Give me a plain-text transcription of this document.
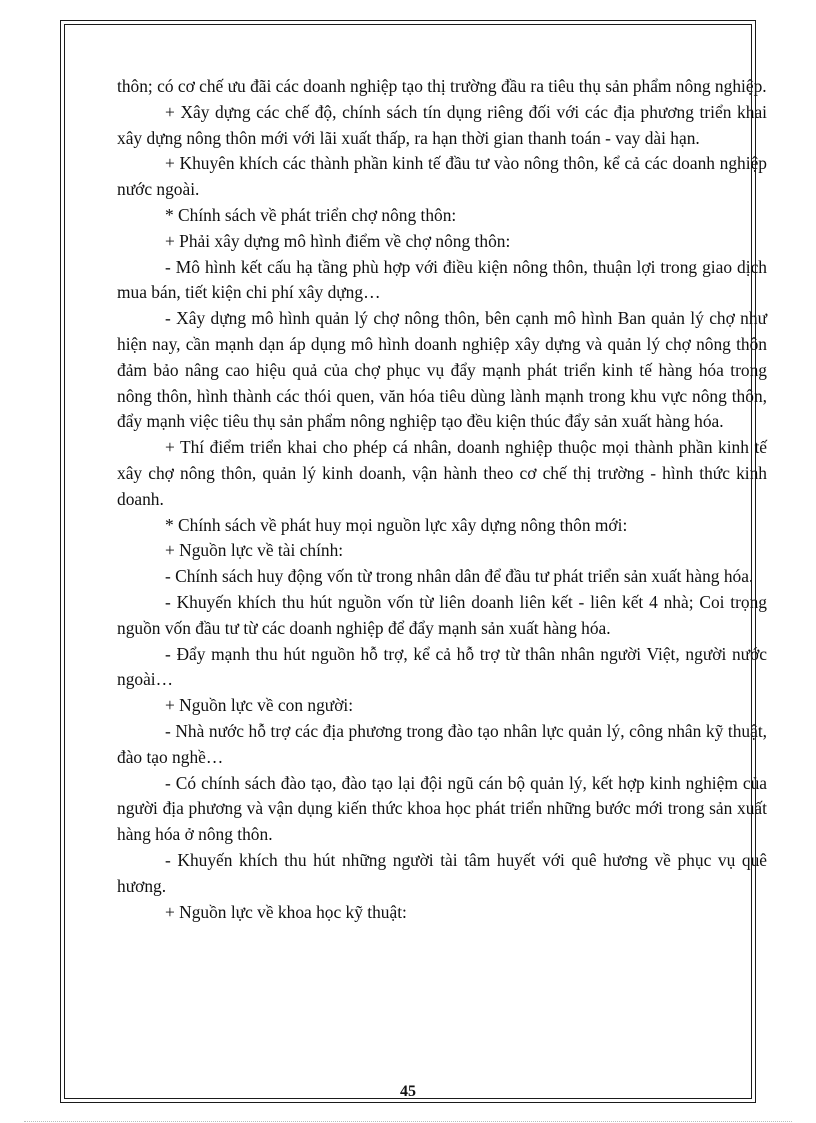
thôn; có cơ chế ưu đãi các doanh nghiệp tạo thị trường đầu ra tiêu thụ sản phẩm nông nghiệp.

+ Xây dựng các chế độ, chính sách tín dụng riêng đối với các địa phương triển khai xây dựng nông thôn mới với lãi xuất thấp, ra hạn thời gian thanh toán - vay dài hạn.

+ Khuyên khích các thành phần kinh tế đầu tư vào nông thôn, kể cả các doanh nghiệp nước ngoài.

* Chính sách về phát triển chợ nông thôn:

+ Phải xây dựng mô hình điểm về chợ nông thôn:

- Mô hình kết cấu hạ tầng phù hợp với điều kiện nông thôn, thuận lợi trong giao dịch mua bán, tiết kiện chi phí xây dựng…

- Xây dựng mô hình quản lý chợ nông thôn, bên cạnh mô hình Ban quản lý chợ như hiện nay, cần mạnh dạn áp dụng mô hình doanh nghiệp xây dựng và quản lý chợ nông thôn đảm bảo nâng cao hiệu quả của chợ phục vụ đẩy mạnh phát triển kinh tế hàng hóa trong nông thôn, hình thành các thói quen, văn hóa tiêu dùng lành mạnh trong khu vực nông thôn, đẩy mạnh việc tiêu thụ sản phẩm nông nghiệp tạo đều kiện thúc đẩy sản xuất hàng hóa.

+ Thí điểm triển khai cho phép cá nhân, doanh nghiệp thuộc mọi thành phần kinh tế xây chợ nông thôn, quản lý kinh doanh, vận hành theo cơ chế thị trường - hình thức kinh doanh.

* Chính sách về phát huy mọi nguồn lực xây dựng nông thôn mới:

+ Nguồn lực về tài chính:

- Chính sách huy động vốn từ trong nhân dân để đầu tư phát triển sản xuất hàng hóa.

- Khuyến khích thu hút nguồn vốn từ liên doanh liên kết - liên kết 4 nhà; Coi trọng nguồn vốn đầu tư từ các doanh nghiệp để đẩy mạnh sản xuất hàng hóa.

- Đẩy mạnh thu hút nguồn hỗ trợ, kể cả hỗ trợ từ thân nhân người Việt, người nước ngoài…

+ Nguồn lực về con người:

- Nhà nước hỗ trợ các địa phương trong đào tạo nhân lực quản lý, công nhân kỹ thuật, đào tạo nghề…

- Có chính sách đào tạo, đào tạo lại đội ngũ cán bộ quản lý, kết hợp kinh nghiệm của người địa phương và vận dụng kiến thức khoa học phát triển những bước mới trong sản xuất hàng hóa ở nông thôn.

- Khuyến khích thu hút những người tài tâm huyết với quê hương về phục vụ quê hương.

+ Nguồn lực về khoa học kỹ thuật:

45
